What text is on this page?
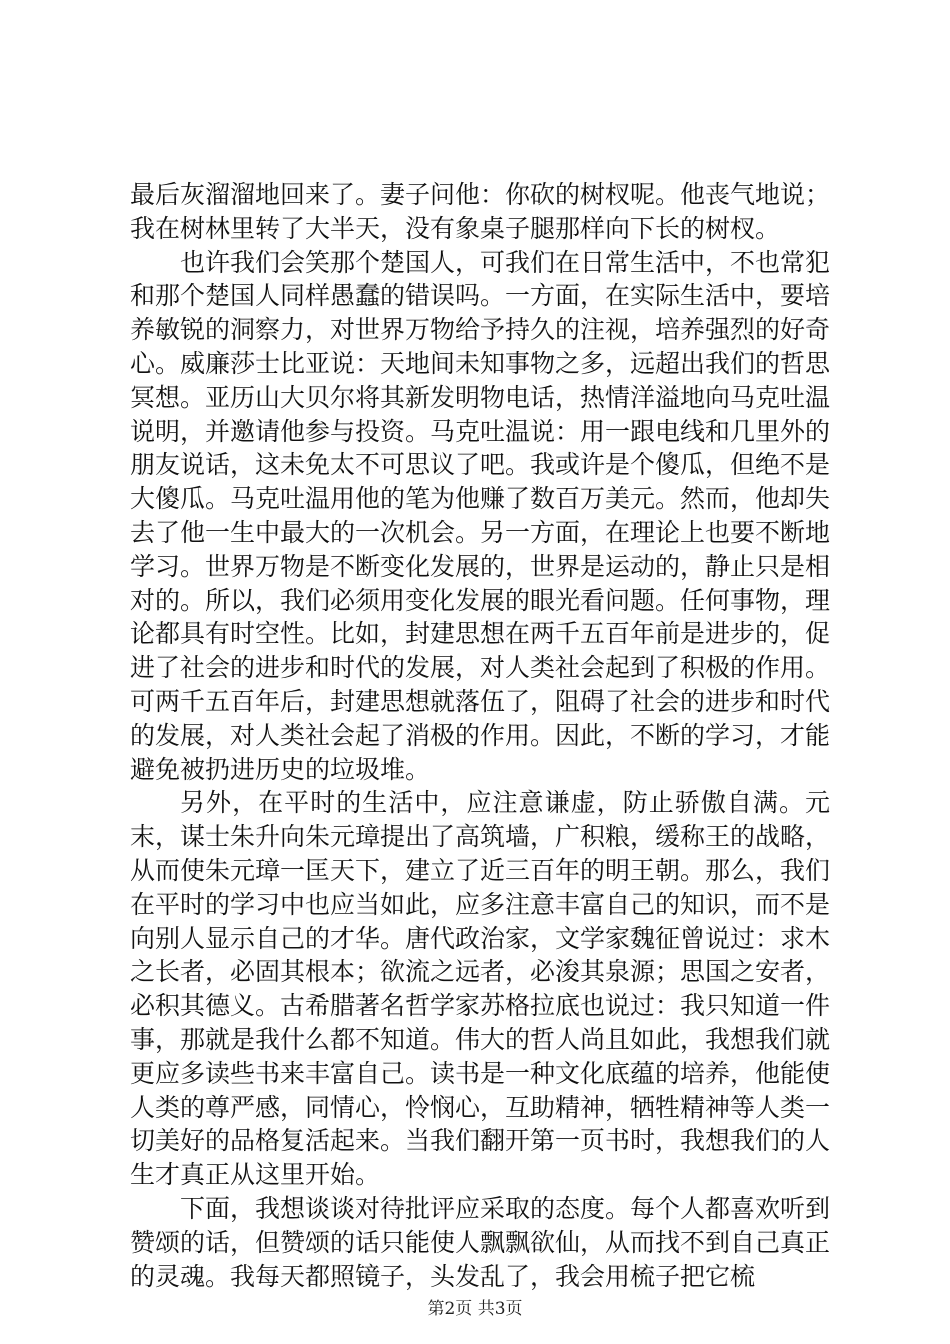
最后灰溜溜地回来了。妻子问他：你砍的树杈呢。他丧气地说；我在树林里转了大半天，没有象桌子腿那样向下长的树杈。

也许我们会笑那个楚国人，可我们在日常生活中，不也常犯和那个楚国人同样愚蠢的错误吗。一方面，在实际生活中，要培养敏锐的洞察力，对世界万物给予持久的注视，培养强烈的好奇心。威廉莎士比亚说：天地间未知事物之多，远超出我们的哲思冥想。亚历山大贝尔将其新发明物电话，热情洋溢地向马克吐温说明，并邀请他参与投资。马克吐温说：用一跟电线和几里外的朋友说话，这未免太不可思议了吧。我或许是个傻瓜，但绝不是大傻瓜。马克吐温用他的笔为他赚了数百万美元。然而，他却失去了他一生中最大的一次机会。另一方面，在理论上也要不断地学习。世界万物是不断变化发展的，世界是运动的，静止只是相对的。所以，我们必须用变化发展的眼光看问题。任何事物，理论都具有时空性。比如，封建思想在两千五百年前是进步的，促进了社会的进步和时代的发展，对人类社会起到了积极的作用。可两千五百年后，封建思想就落伍了，阻碍了社会的进步和时代的发展，对人类社会起了消极的作用。因此，不断的学习，才能避免被扔进历史的垃圾堆。

另外，在平时的生活中，应注意谦虚，防止骄傲自满。元末，谋士朱升向朱元璋提出了高筑墙，广积粮，缓称王的战略，从而使朱元璋一匡天下，建立了近三百年的明王朝。那么，我们在平时的学习中也应当如此，应多注意丰富自己的知识，而不是向别人显示自己的才华。唐代政治家，文学家魏征曾说过：求木之长者，必固其根本；欲流之远者，必浚其泉源；思国之安者，必积其德义。古希腊著名哲学家苏格拉底也说过：我只知道一件事，那就是我什么都不知道。伟大的哲人尚且如此，我想我们就更应多读些书来丰富自己。读书是一种文化底蕴的培养，他能使人类的尊严感，同情心，怜悯心，互助精神，牺牲精神等人类一切美好的品格复活起来。当我们翻开第一页书时，我想我们的人生才真正从这里开始。

下面，我想谈谈对待批评应采取的态度。每个人都喜欢听到赞颂的话，但赞颂的话只能使人飘飘欲仙，从而找不到自己真正的灵魂。我每天都照镜子，头发乱了，我会用梳子把它梳

第2页 共3页
